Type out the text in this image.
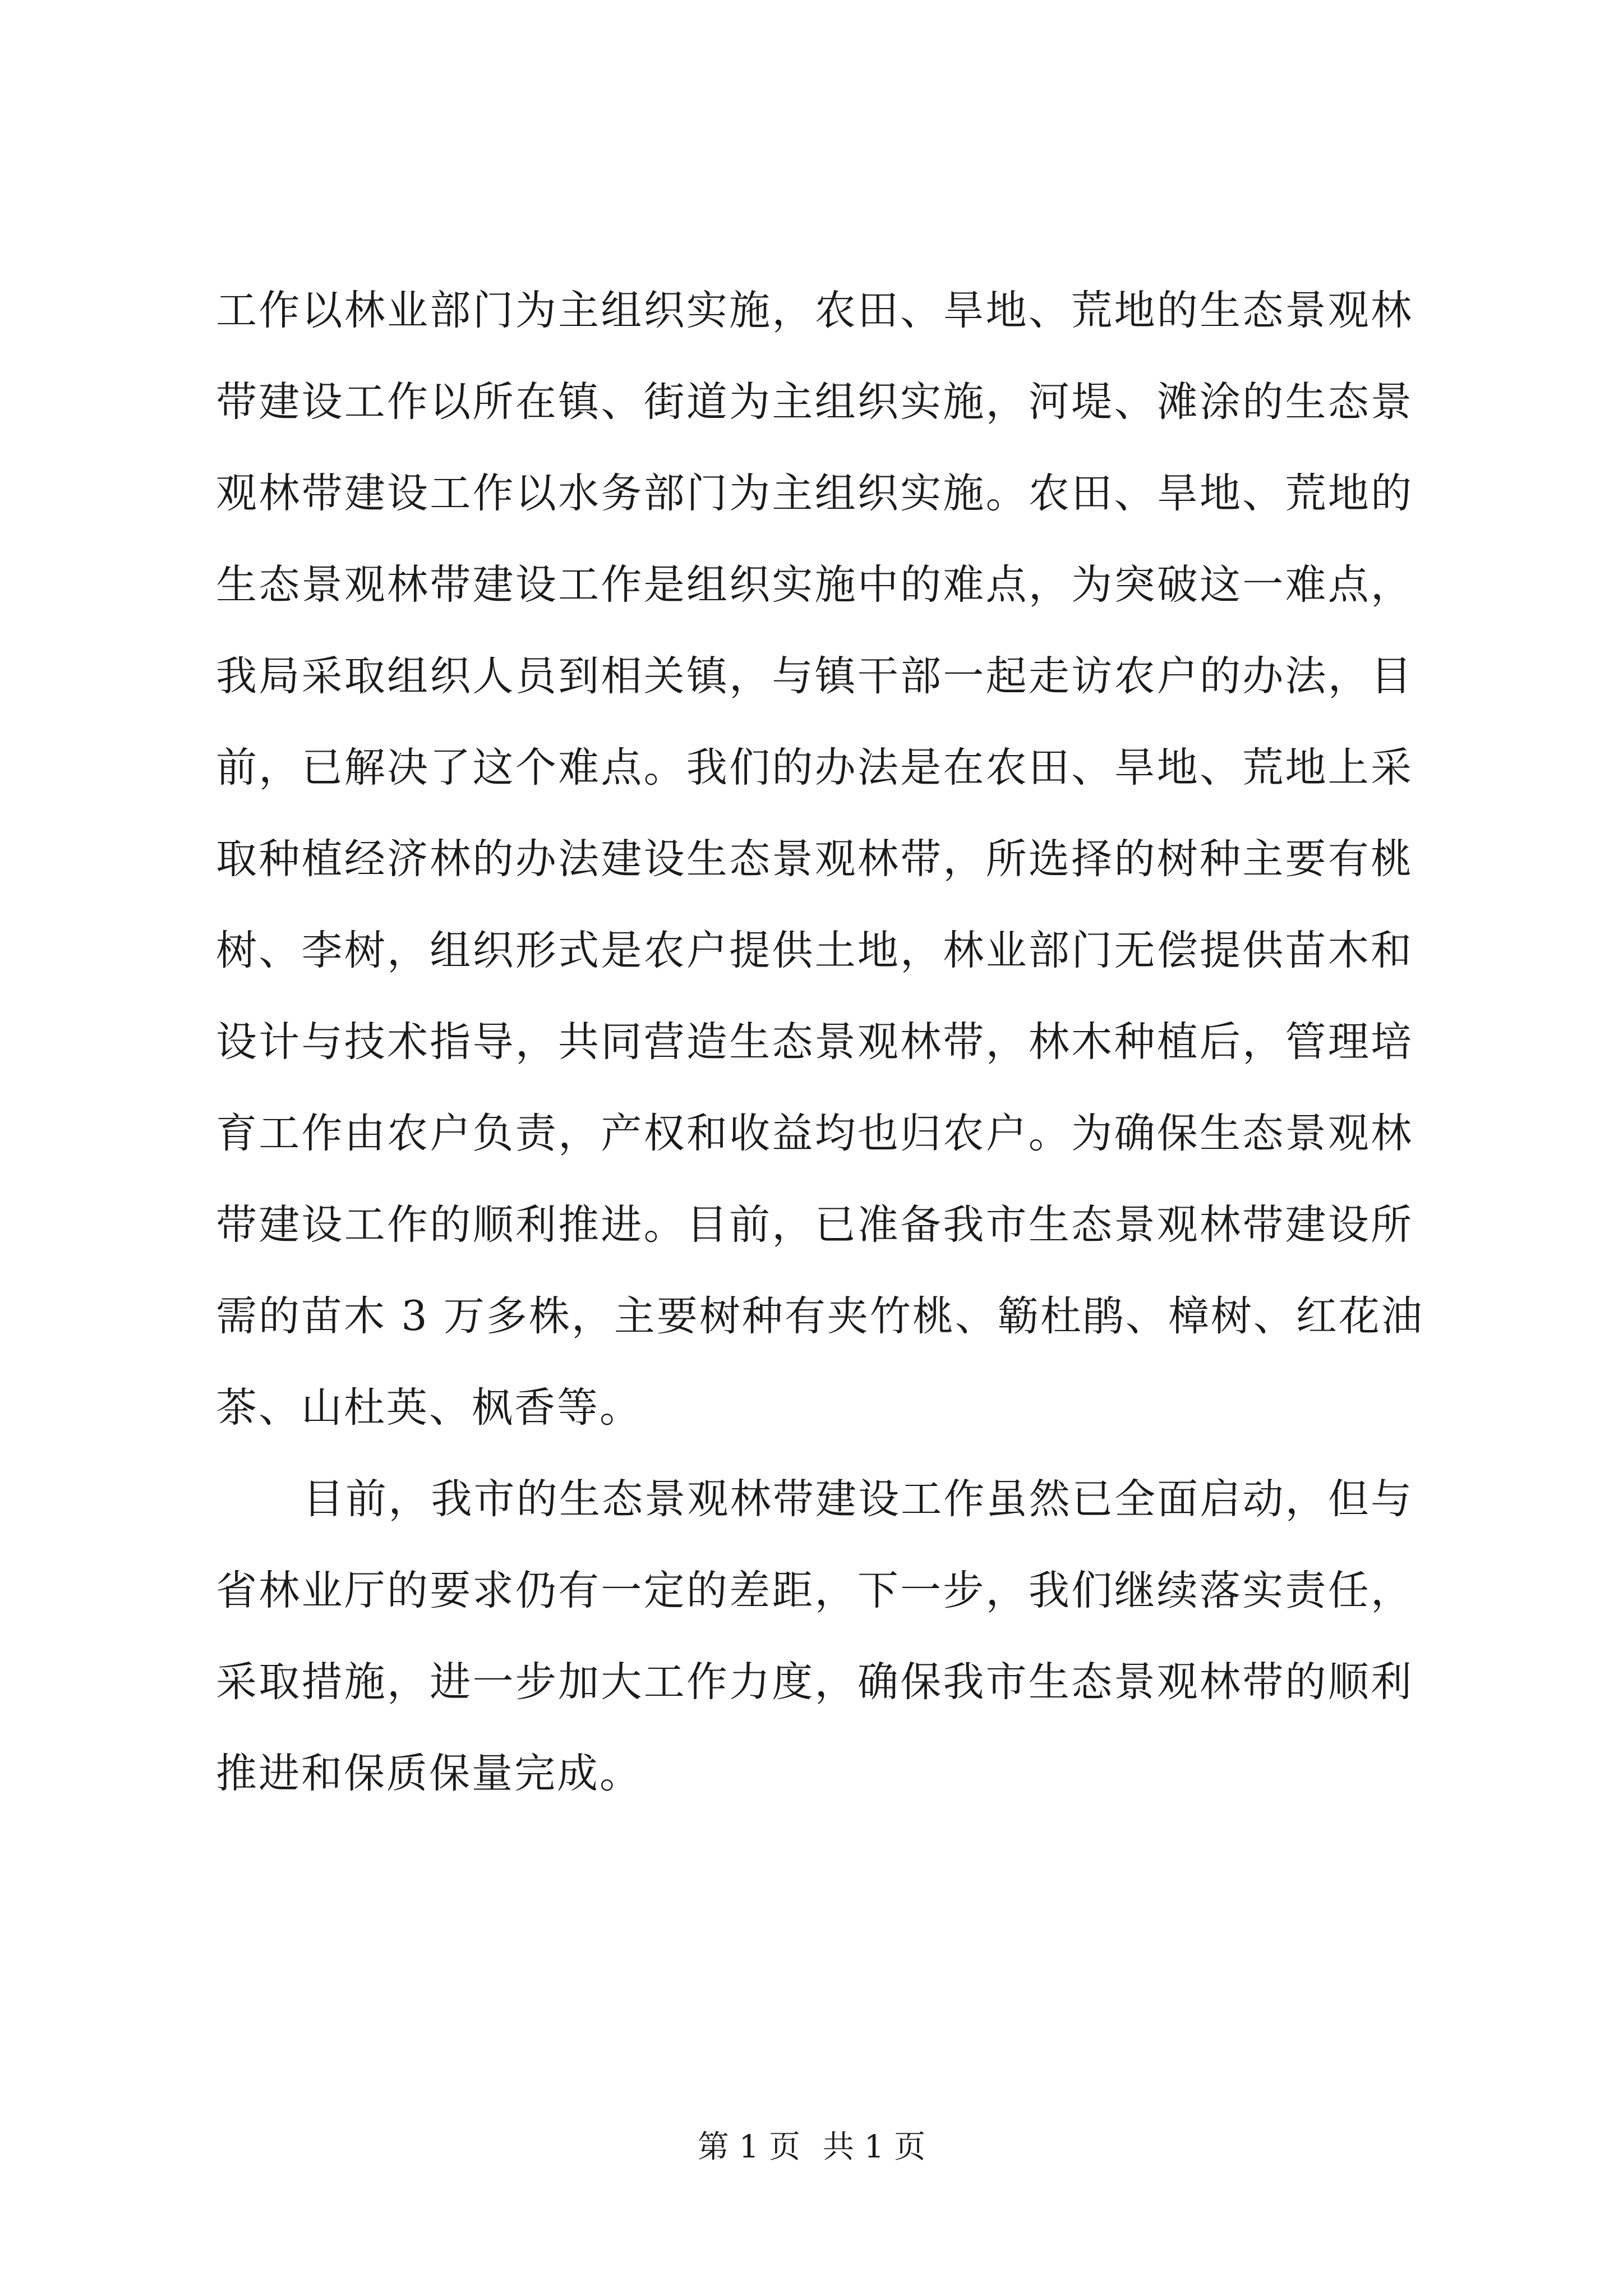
工作以林业部门为主组织实施，农田、旱地、荒地的生态景观林
带建设工作以所在镇、街道为主组织实施，河堤、滩涂的生态景
观林带建设工作以水务部门为主组织实施。农田、旱地、荒地的
生态景观林带建设工作是组织实施中的难点，为突破这一难点，
我局采取组织人员到相关镇，与镇干部一起走访农户的办法，目
前，已解决了这个难点。我们的办法是在农田、旱地、荒地上采
取种植经济林的办法建设生态景观林带，所选择的树种主要有桃
树、李树，组织形式是农户提供土地，林业部门无偿提供苗木和
设计与技术指导，共同营造生态景观林带，林木种植后，管理培
育工作由农户负责，产权和收益均也归农户。为确保生态景观林
带建设工作的顺利推进。目前，已准备我市生态景观林带建设所
需的苗木 3 万多株，主要树种有夹竹桃、簕杜鹃、樟树、红花油
茶、山杜英、枫香等。
目前，我市的生态景观林带建设工作虽然已全面启动，但与
省林业厅的要求仍有一定的差距，下一步，我们继续落实责任，
采取措施，进一步加大工作力度，确保我市生态景观林带的顺利
推进和保质保量完成。
第 1 页 共 1 页
